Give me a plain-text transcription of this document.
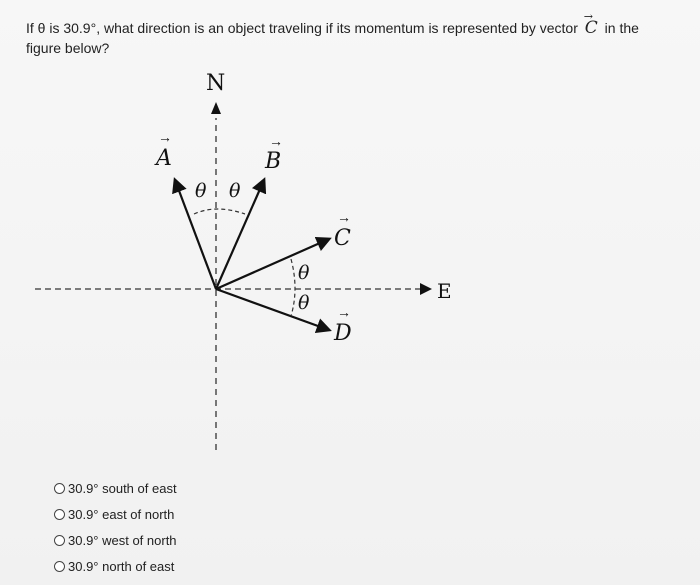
If θ is 30.9°, what direction is an object traveling if its momentum is represented by vector → C in the figure below?
N
E
θ θ
θ
θ
A
→
B
→
C
→
D
→
30.9° south of east
30.9° east of north
30.9° west of north
30.9° north of east
